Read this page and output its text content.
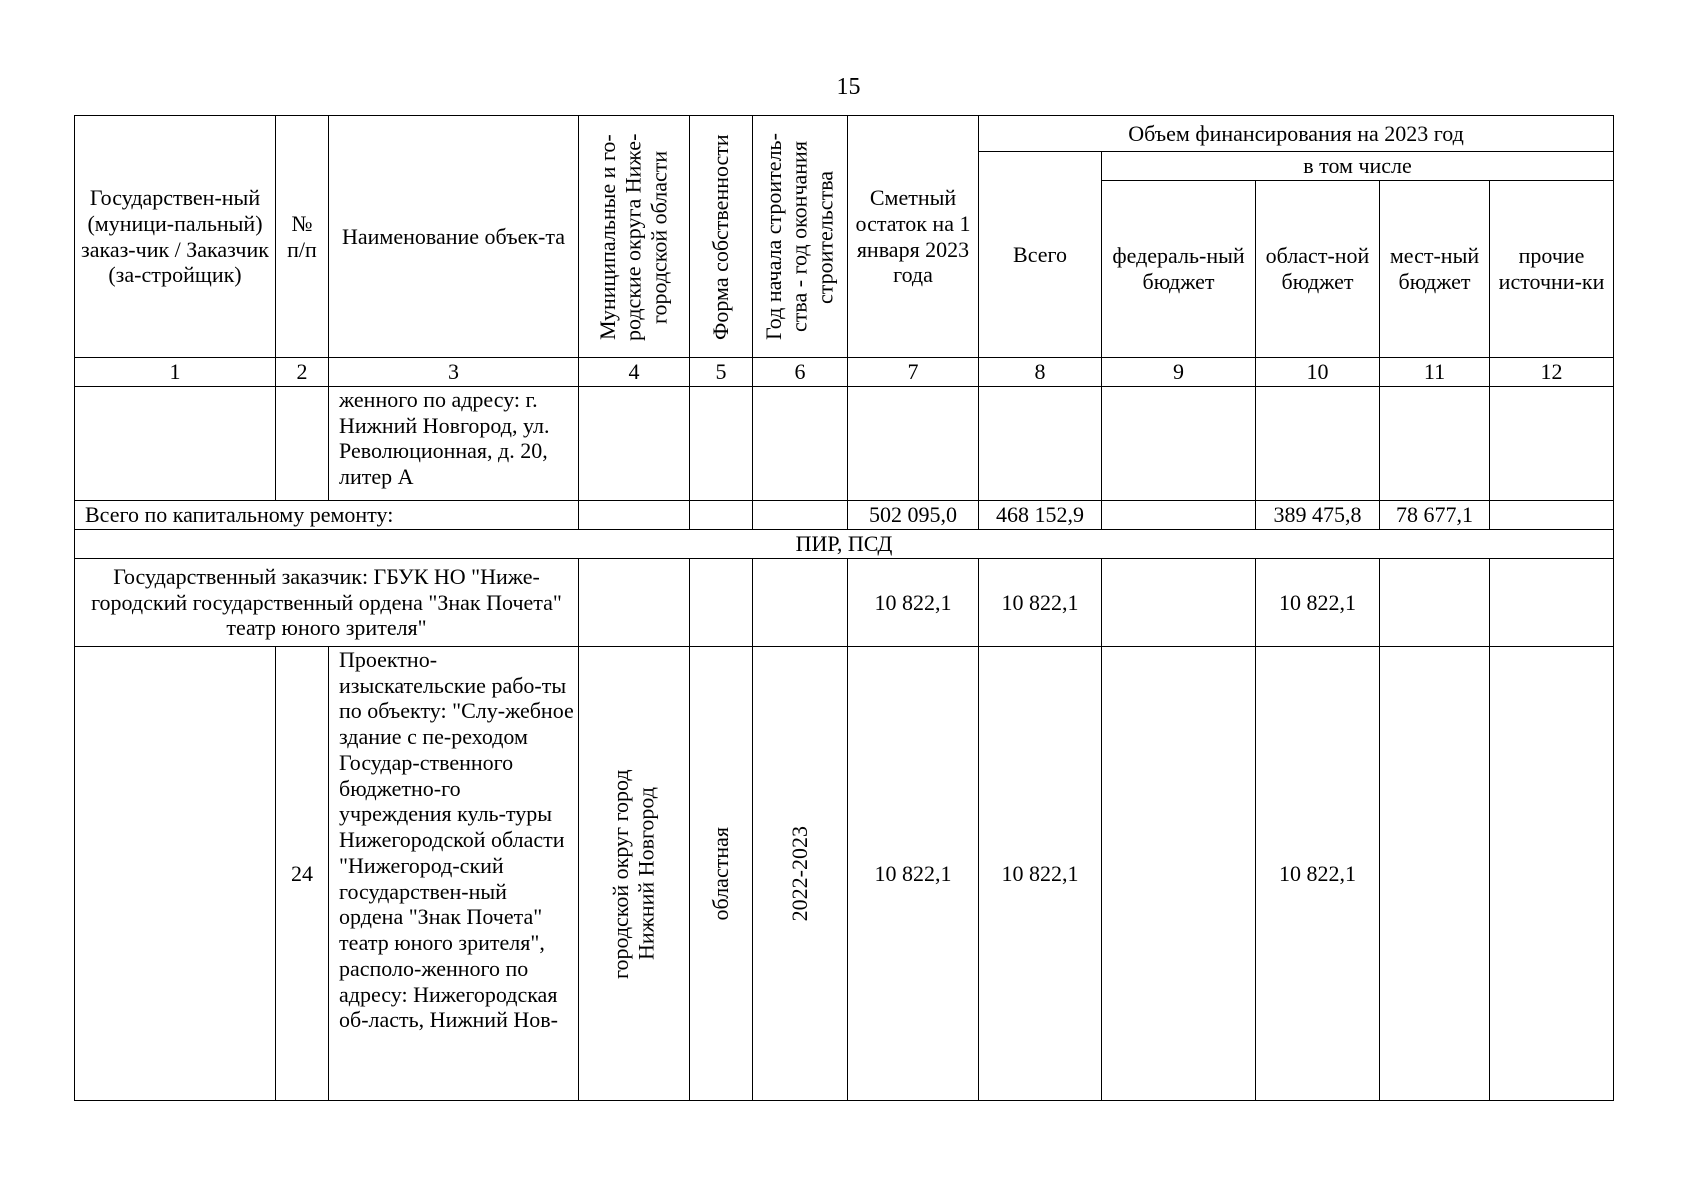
15
Государствен-ный (муници-пальный) заказ-чик / Заказчик (за-стройщик)	№ п/п	Наименование объек-та	Муниципальные и го-родские округа Ниже-городской области	Форма собственности	Год начала строитель-ства - год окончания строительства	Сметный остаток на 1 января 2023 года	Объем финансирования на 2023 год				
							Всего	в том числе			
								федераль-ный бюджет	област-ной бюджет	мест-ный бюджет	прочие источни-ки
1	2	3	4	5	6	7	8	9	10	11	12
		женного по адресу: г. Нижний Новгород, ул. Революционная, д. 20, литер А									
Всего по капитальному ремонту:						502 095,0	468 152,9		389 475,8	78 677,1	
ПИР, ПСД											
Государственный заказчик: ГБУК НО "Ниже-городский государственный ордена "Знак Почета" театр юного зрителя"						10 822,1	10 822,1		10 822,1		
	24	Проектно-изыскательские рабо-ты по объекту: "Слу-жебное здание с пе-реходом Государ-ственного бюджетно-го учреждения куль-туры Нижегородской области "Нижегород-ский государствен-ный ордена "Знак Почета" театр юного зрителя", располо-женного по адресу: Нижегородская об-ласть, Нижний Нов-	городской округ город Нижний Новгород	областная	2022-2023	10 822,1	10 822,1		10 822,1		
